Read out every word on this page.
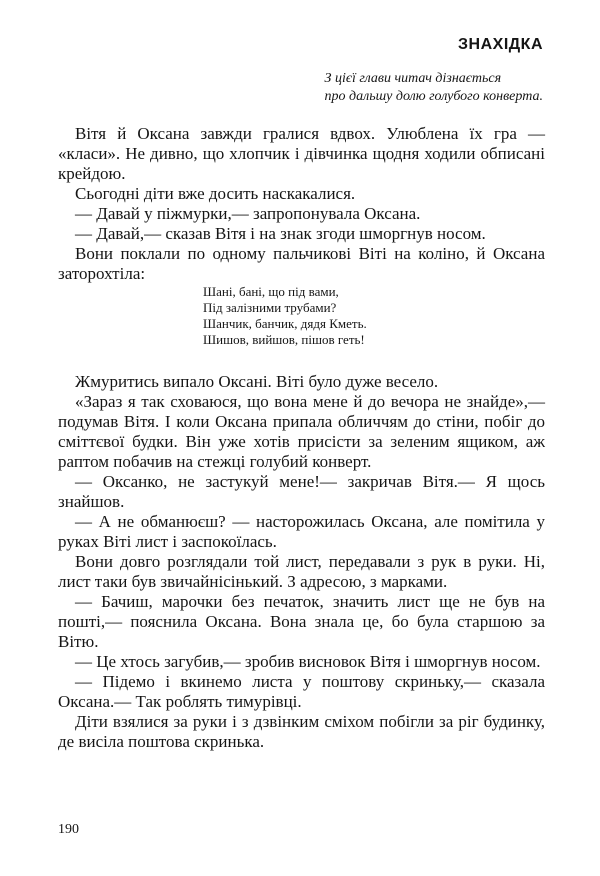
ЗНАХІДКА
З цієї глави читач дізнається
про дальшу долю голубого конверта.

Вітя й Оксана завжди гралися вдвох. Улюблена їх гра — «класи». Не дивно, що хлопчик і дівчинка щодня ходили обписані крейдою.

Сьогодні діти вже досить наскакалися.

— Давай у піжмурки,— запропонувала Оксана.

— Давай,— сказав Вітя і на знак згоди шморгнув носом.

Вони поклали по одному пальчикові Віті на коліно, й Оксана заторохтіла:

Шані, бані, що під вами,
Під залізними трубами?
Шанчик, банчик, дядя Кметь.
Шишов, вийшов, пішов геть!

Жмуритись випало Оксані. Віті було дуже весело.

«Зараз я так сховаюся, що вона мене й до вечора не знайде»,— подумав Вітя. І коли Оксана припала обличчям до стіни, побіг до сміттєвої будки. Він уже хотів присісти за зеленим ящиком, аж раптом побачив на стежці голубий конверт.

— Оксанко, не застукуй мене!— закричав Вітя.— Я щось знайшов.

— А не обманюєш? — насторожилась Оксана, але помітила у руках Віті лист і заспокоїлась.

Вони довго розглядали той лист, передавали з рук в руки. Ні, лист таки був звичайнісінький. З адресою, з марками.

— Бачиш, марочки без печаток, значить лист ще не був на пошті,— пояснила Оксана. Вона знала це, бо була старшою за Вітю.

— Це хтось загубив,— зробив висновок Вітя і шморгнув носом.

— Підемо і вкинемо листа у поштову скриньку,— сказала Оксана.— Так роблять тимурівці.

Діти взялися за руки і з дзвінким сміхом побігли за ріг будинку, де висіла поштова скринька.

190
